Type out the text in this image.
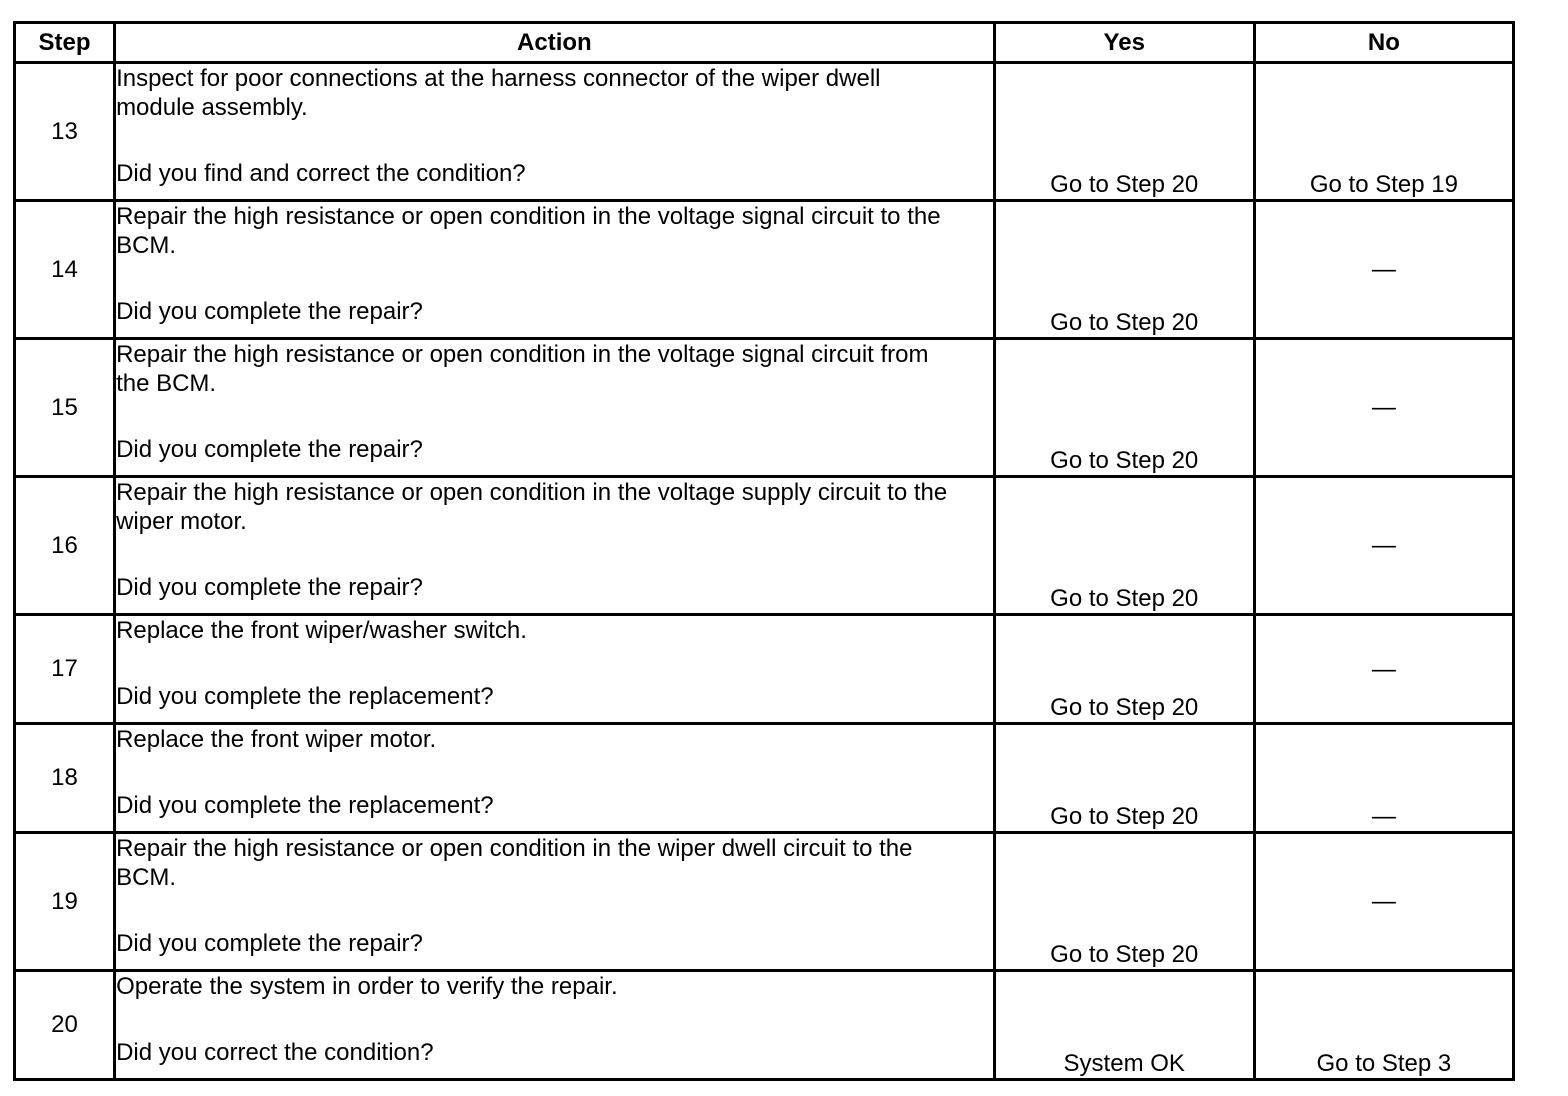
Step	Action	Yes	No
13	Inspect for poor connections at the harness connector of the wiper dwell
module assembly.
Did you find and correct the condition?	Go to Step 20	Go to Step 19
14	Repair the high resistance or open condition in the voltage signal circuit to the
BCM.
Did you complete the repair?	Go to Step 20	—
15	Repair the high resistance or open condition in the voltage signal circuit from
the BCM.
Did you complete the repair?	Go to Step 20	—
16	Repair the high resistance or open condition in the voltage supply circuit to the
wiper motor.
Did you complete the repair?	Go to Step 20	—
17	Replace the front wiper/washer switch.
Did you complete the replacement?	Go to Step 20	—
18	Replace the front wiper motor.
Did you complete the replacement?	Go to Step 20	—
19	Repair the high resistance or open condition in the wiper dwell circuit to the
BCM.
Did you complete the repair?	Go to Step 20	—
20	Operate the system in order to verify the repair.
Did you correct the condition?	System OK	Go to Step 3
